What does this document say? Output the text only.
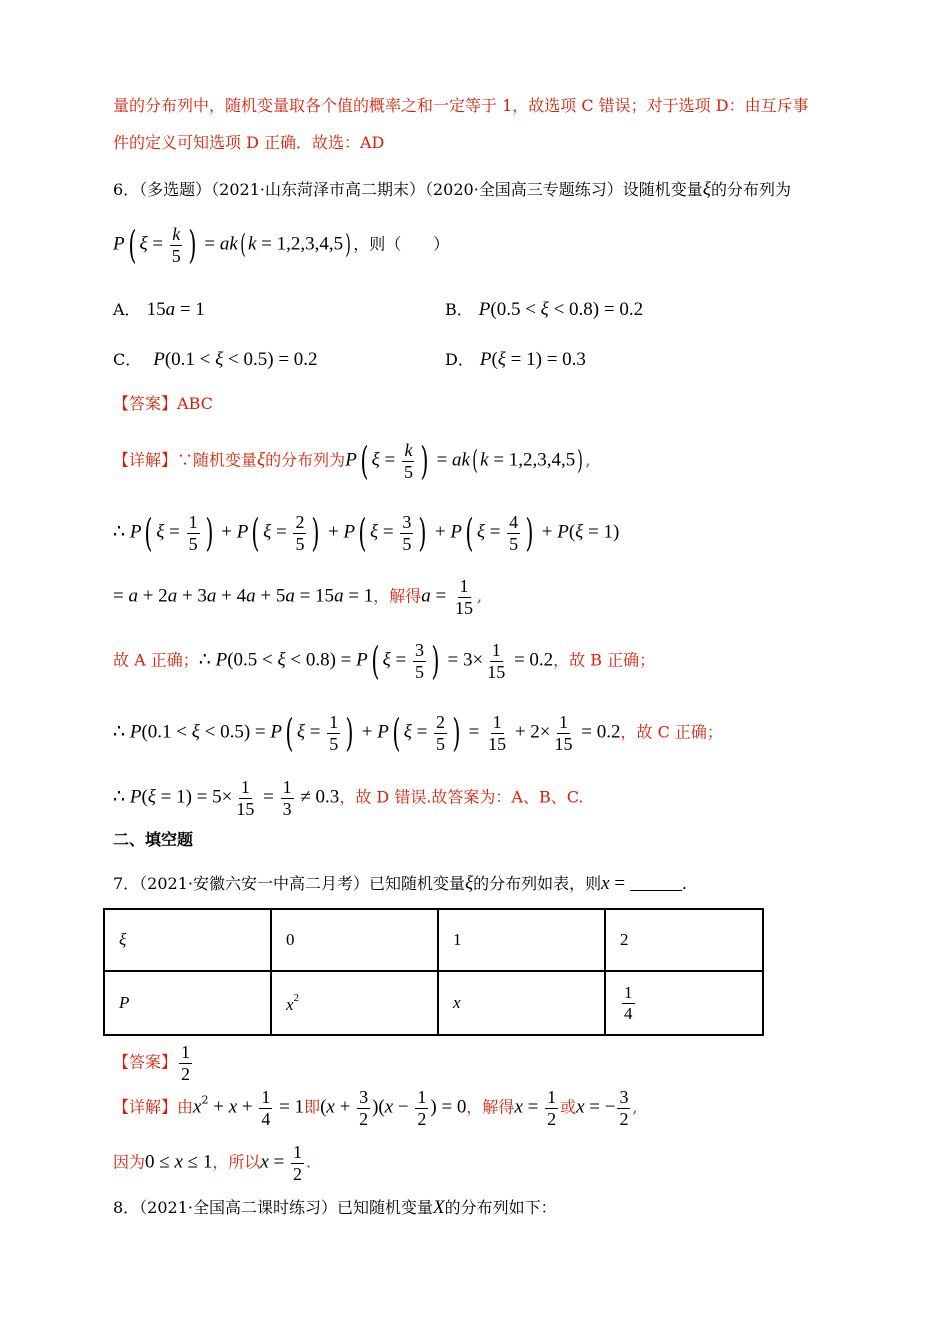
量的分布列中，随机变量取各个值的概率之和一定等于 1，故选项 C 错误；对于选项 D：由互斥事
件的定义可知选项 D 正确．故选：AD
6．（多选题）（2021·山东菏泽市高二期末）（2020·全国高三专题练习）设随机变量ξ的分布列为
P( $\xi = \frac{k}{5}$ ) = ak( k = 1,2,3,4,5) ，则（　　）
A． 15a = 1	B． P(0.5 < ξ < 0.8) = 0.2
C． P(0.1 < ξ < 0.5) = 0.2	D． P(ξ = 1) = 0.3
【答案】ABC
【详解】∵随机变量ξ的分布列为P( $\xi = \frac{k}{5}$ ) = ak( k = 1,2,3,4,5) ,
∴ P( $\xi = \frac{1}{5}$ ) + P( $\xi = \frac{2}{5}$ ) + P( $\xi = \frac{3}{5}$ ) + P( $\xi = \frac{4}{5}$ ) + P(ξ = 1)
= a + 2a + 3a + 4a + 5a = 15a = 1，解得$a = \frac{1}{15}$ ,
故 A 正确；∴ P(0.5 < ξ < 0.8) = P( $\xi = \frac{3}{5}$ ) = $3\times \frac{1}{15} = 0.2$，故 B 正确；
∴ P(0.1 < ξ < 0.5) = P( $\xi = \frac{1}{5}$ ) + P( $\xi = \frac{2}{5}$ ) = $\frac{1}{15} + 2\times \frac{1}{15} = 0.2$，故 C 正确；
∴ $P(\xi = 1) = 5\times \frac{1}{15} = \frac{1}{3} \ne 0.3$，故 D 错误.故答案为：A、B、C.
二、填空题
7．（2021·安徽六安一中高二月考）已知随机变量ξ的分布列如表，则x =	.
ξ	0	1	2
P	$x^2$	x	$\frac{1}{4}$
【答案】 $\frac{1}{2}$
【详解】由$x^2 + x + \frac{1}{4} = 1$即$(x + \frac{3}{2} )(x - \frac{1}{2}$ ) = 0，解得$x = \frac{1}{2}$ 或x = − $\frac{3}{2}$ ,
因为0 ≤ x ≤ 1，所以$x = \frac{1}{2}$ .
8．（2021·全国高二课时练习）已知随机变量X的分布列如下：
